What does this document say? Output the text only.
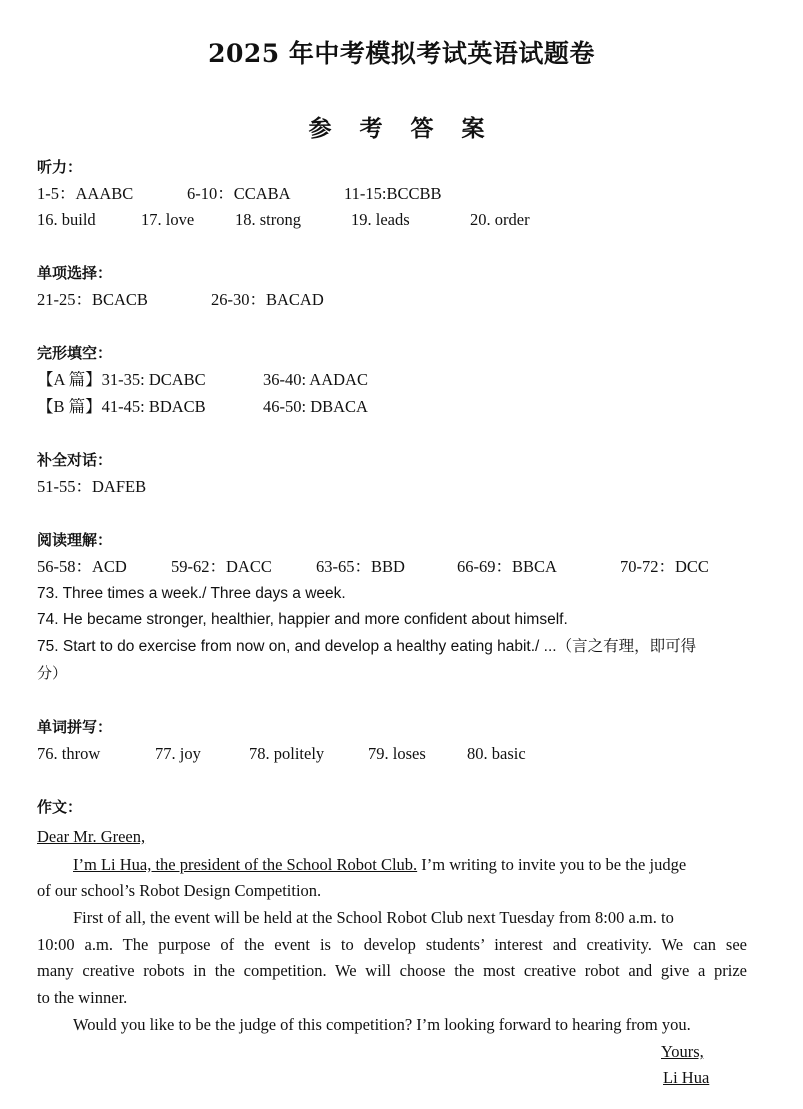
2025 年中考模拟考试英语试题卷
参 考 答 案
听力：
1-5：AAABC	6-10：CCABA	11-15:BCCBB
16. build	17. love 18. strong	19. leads	20. order
单项选择：
21-25：BCACB	26-30：BACAD
完形填空：
【A 篇】31-35: DCABC	36-40: AADAC
【B 篇】41-45: BDACB	46-50: DBACA
补全对话：
51-55：DAFEB
阅读理解：
56-58：ACD	59-62：DACC	63-65：BBD	66-69：BBCA	70-72：DCC
73. Three times a week./ Three days a week.
74. He became stronger, healthier, happier and more confident about himself.
75. Start to do exercise from now on, and develop a healthy eating habit./ ...（言之有理，即可得
分）
单词拼写：
76. throw	77. joy	78. politely	79. loses	80. basic
作文：
Dear Mr. Green,
I’m Li Hua, the president of the School Robot Club. I’m writing to invite you to be the judge
of our school’s Robot Design Competition.
First of all, the event will be held at the School Robot Club next Tuesday from 8:00 a.m. to
10:00 a.m. The purpose of the event is to develop students’ interest and creativity. We can see
many creative robots in the competition. We will choose the most creative robot and give a prize
to the winner.
Would you like to be the judge of this competition? I’m looking forward to hearing from you.
Yours,
Li Hua
